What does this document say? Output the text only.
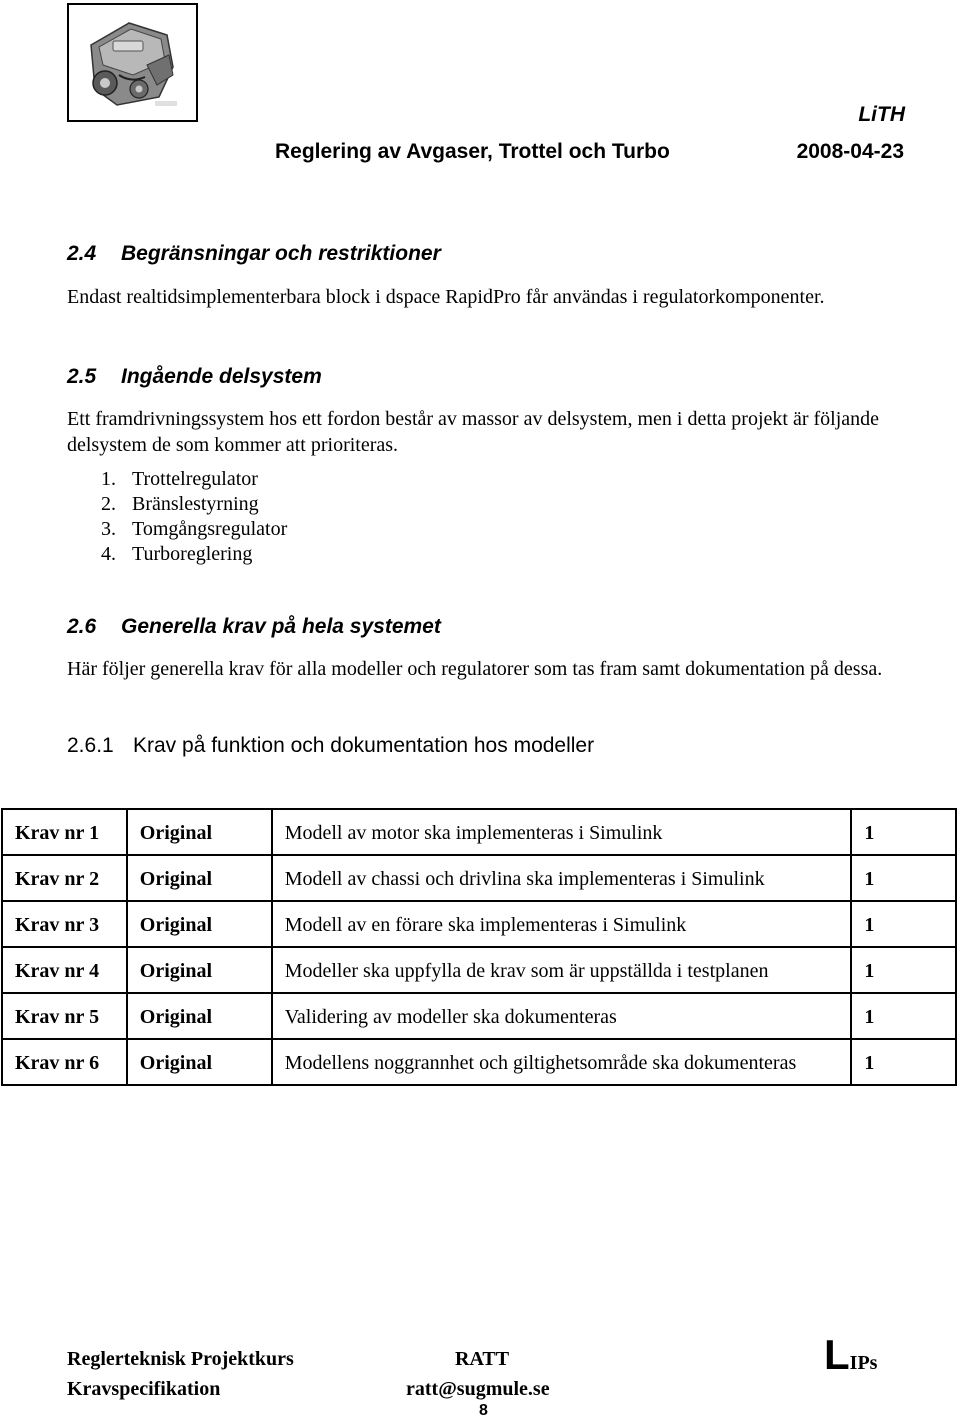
LiTH
Reglering av Avgaser, Trottel och Turbo	2008-04-23
2.4 Begränsningar och restriktioner

Endast realtidsimplementerbara block i dspace RapidPro får användas i regulatorkomponenter.

2.5 Ingående delsystem

Ett framdrivningssystem hos ett fordon består av massor av delsystem, men i detta projekt är följande delsystem de som kommer att prioriteras.

1. Trottelregulator
2. Bränslestyrning
3. Tomgångsregulator
4. Turboreglering
2.6 Generella krav på hela systemet

Här följer generella krav för alla modeller och regulatorer som tas fram samt dokumentation på dessa.

2.6.1 Krav på funktion och dokumentation hos modeller
Krav nr 1	Original	Modell av motor ska implementeras i Simulink	1
Krav nr 2	Original	Modell av chassi och drivlina ska implementeras i Simulink	1
Krav nr 3	Original	Modell av en förare ska implementeras i Simulink	1
Krav nr 4	Original	Modeller ska uppfylla de krav som är uppställda i testplanen	1
Krav nr 5	Original	Validering av modeller ska dokumenteras	1
Krav nr 6	Original	Modellens noggrannhet och giltighetsområde ska dokumenteras	1
Reglerteknisk Projektkurs	RATT	LIPs
Kravspecifikation	ratt@sugmule.se
8
